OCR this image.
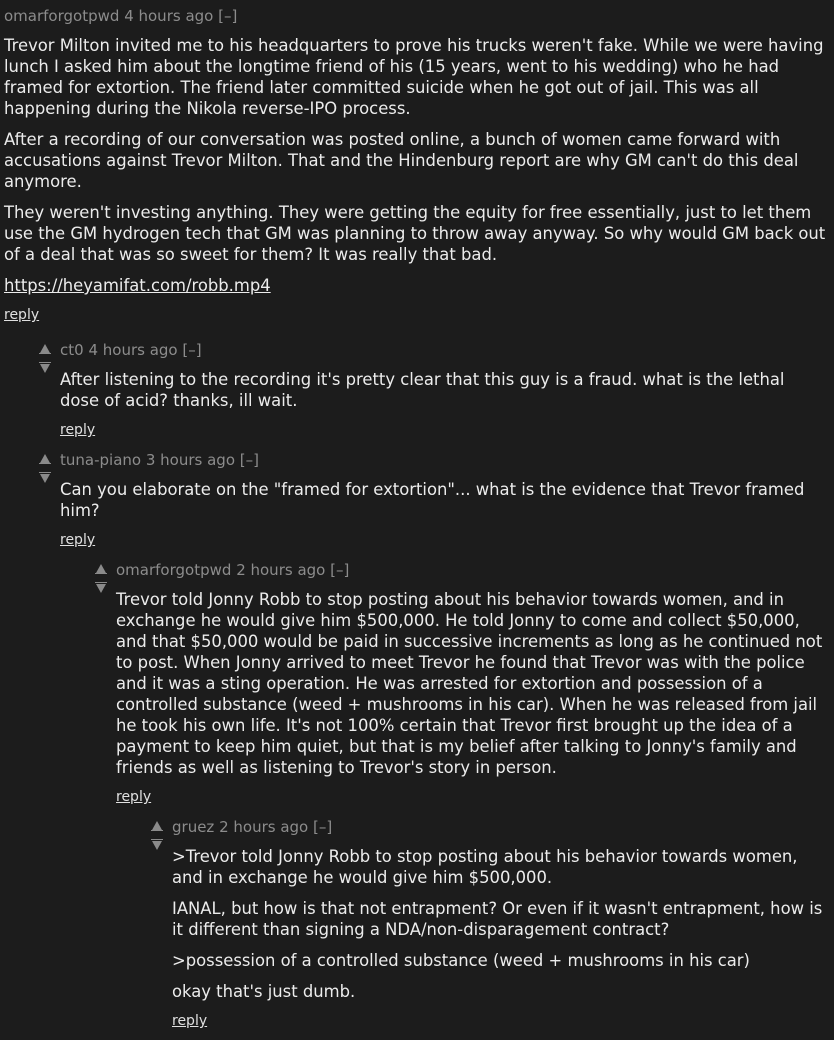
omarforgotpwd 4 hours ago [–]

Trevor Milton invited me to his headquarters to prove his trucks weren't fake. While we were having lunch I asked him about the longtime friend of his (15 years, went to his wedding) who he had framed for extortion. The friend later committed suicide when he got out of jail. This was all happening during the Nikola reverse-IPO process.

After a recording of our conversation was posted online, a bunch of women came forward with accusations against Trevor Milton. That and the Hindenburg report are why GM can't do this deal anymore.

They weren't investing anything. They were getting the equity for free essentially, just to let them use the GM hydrogen tech that GM was planning to throw away anyway. So why would GM back out of a deal that was so sweet for them? It was really that bad.

https://heyamifat.com/robb.mp4

reply
ct0 4 hours ago [–]

After listening to the recording it's pretty clear that this guy is a fraud. what is the lethal dose of acid? thanks, ill wait.

reply
tuna-piano 3 hours ago [–]

Can you elaborate on the "framed for extortion"... what is the evidence that Trevor framed him?

reply
omarforgotpwd 2 hours ago [–]

Trevor told Jonny Robb to stop posting about his behavior towards women, and in exchange he would give him $500,000. He told Jonny to come and collect $50,000, and that $50,000 would be paid in successive increments as long as he continued not to post. When Jonny arrived to meet Trevor he found that Trevor was with the police and it was a sting operation. He was arrested for extortion and possession of a controlled substance (weed + mushrooms in his car). When he was released from jail he took his own life. It's not 100% certain that Trevor first brought up the idea of a payment to keep him quiet, but that is my belief after talking to Jonny's family and friends as well as listening to Trevor's story in person.

reply
gruez 2 hours ago [–]

>Trevor told Jonny Robb to stop posting about his behavior towards women, and in exchange he would give him $500,000.

IANAL, but how is that not entrapment? Or even if it wasn't entrapment, how is it different than signing a NDA/non-disparagement contract?

>possession of a controlled substance (weed + mushrooms in his car)

okay that's just dumb.

reply
